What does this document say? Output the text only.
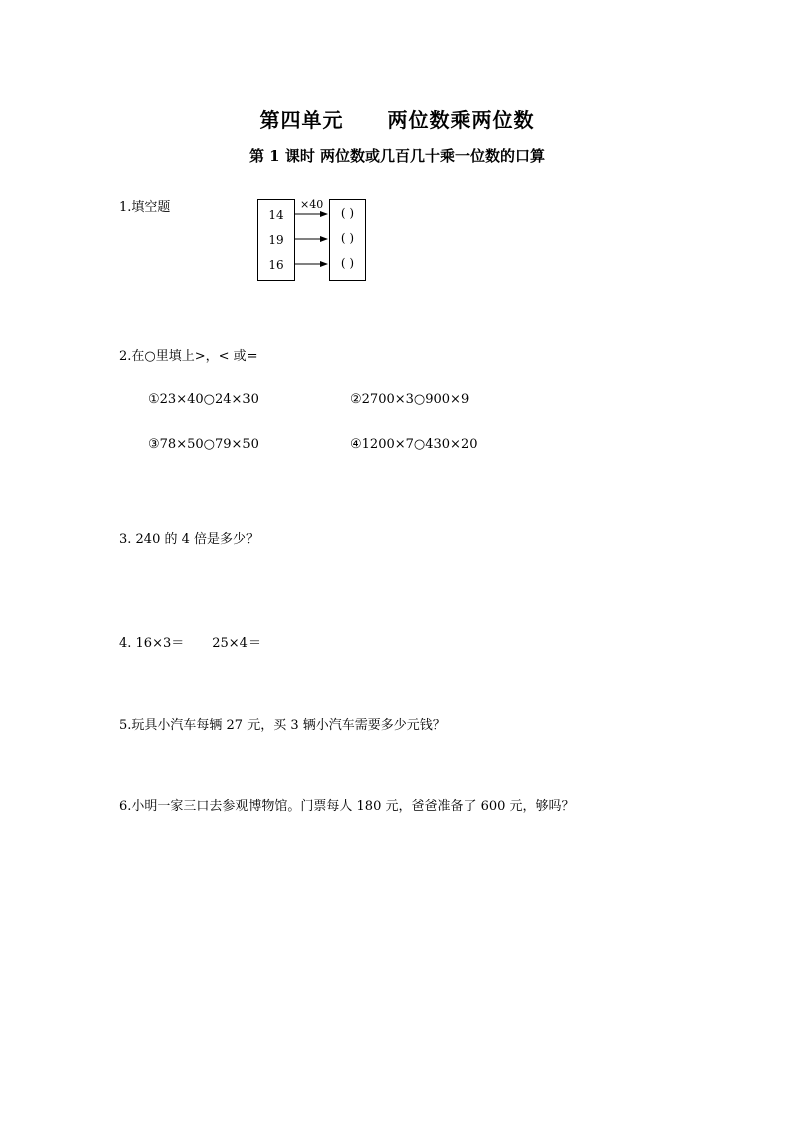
第四单元 两位数乘两位数
第 1 课时 两位数或几百几十乘一位数的口算
1.填空题	14
19
16
( )
( )
( )
×40
2.在○里填上>，< 或=
①23×40○24×30	②2700×3○900×9
③78×50○79×50	④1200×7○430×20
3. 240 的 4 倍是多少？
4. 16×3＝ 25×4＝
5.玩具小汽车每辆 27 元，买 3 辆小汽车需要多少元钱？
6.小明一家三口去参观博物馆。门票每人 180 元，爸爸准备了 600 元，够吗？
